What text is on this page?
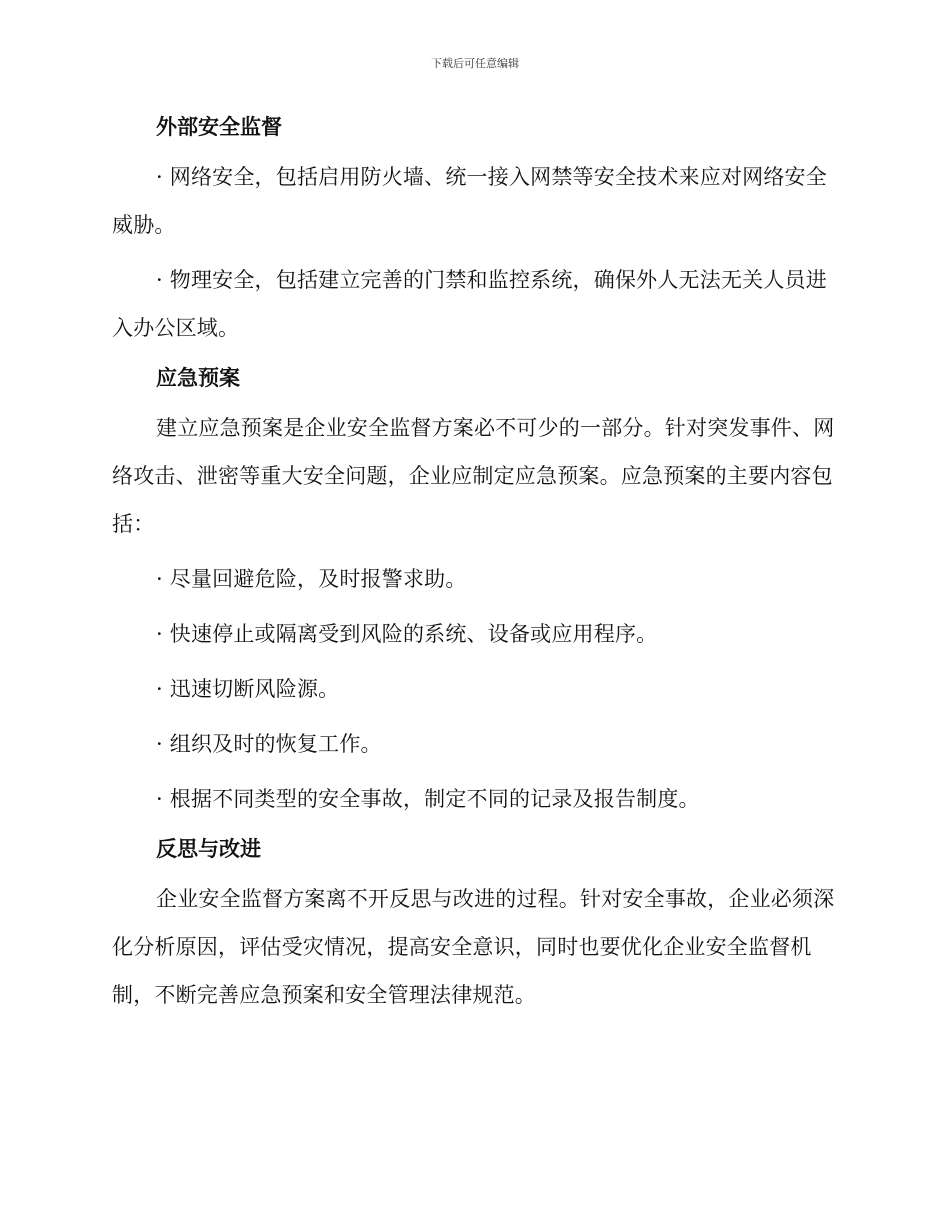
下载后可任意编辑
外部安全监督

· 网络安全，包括启用防火墙、统一接入网禁等安全技术来应对网络安全威胁。

· 物理安全，包括建立完善的门禁和监控系统，确保外人无法无关人员进入办公区域。

应急预案

建立应急预案是企业安全监督方案必不可少的一部分。针对突发事件、网络攻击、泄密等重大安全问题，企业应制定应急预案。应急预案的主要内容包括：

· 尽量回避危险，及时报警求助。

· 快速停止或隔离受到风险的系统、设备或应用程序。

· 迅速切断风险源。

· 组织及时的恢复工作。

· 根据不同类型的安全事故，制定不同的记录及报告制度。

反思与改进

企业安全监督方案离不开反思与改进的过程。针对安全事故，企业必须深化分析原因，评估受灾情况，提高安全意识，同时也要优化企业安全监督机制，不断完善应急预案和安全管理法律规范。
